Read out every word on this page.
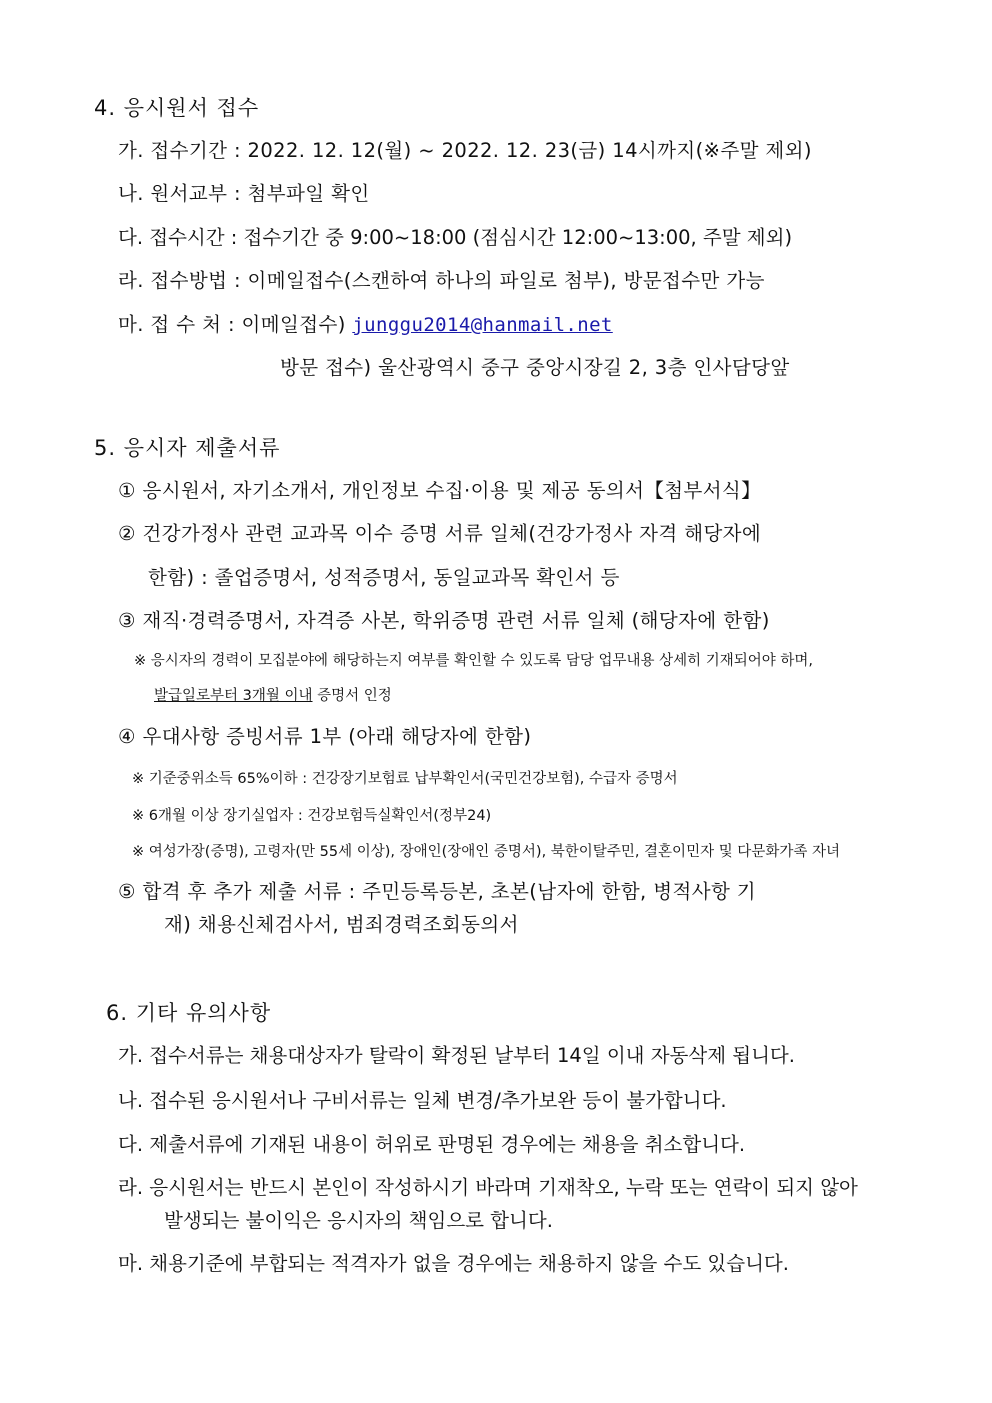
4. 응시원서 접수
가. 접수기간 : 2022. 12. 12(월) ~ 2022. 12. 23(금) 14시까지(※주말 제외)
나. 원서교부 : 첨부파일 확인
다. 접수시간 : 접수기간 중 9:00~18:00 (점심시간 12:00~13:00, 주말 제외)
라. 접수방법 : 이메일접수(스캔하여 하나의 파일로 첨부), 방문접수만 가능
마. 접 수 처 : 이메일접수) junggu2014@hanmail.net
방문 접수) 울산광역시 중구 중앙시장길 2, 3층 인사담당앞
5. 응시자 제출서류
① 응시원서, 자기소개서, 개인정보 수집·이용 및 제공 동의서【첨부서식】
② 건강가정사 관련 교과목 이수 증명 서류 일체(건강가정사 자격 해당자에
한함) : 졸업증명서, 성적증명서, 동일교과목 확인서 등
③ 재직·경력증명서, 자격증 사본, 학위증명 관련 서류 일체 (해당자에 한함)
※ 응시자의 경력이 모집분야에 해당하는지 여부를 확인할 수 있도록 담당 업무내용 상세히 기재되어야 하며,
발급일로부터 3개월 이내 증명서 인정
④ 우대사항 증빙서류 1부 (아래 해당자에 한함)
※ 기준중위소득 65%이하 : 건강장기보험료 납부확인서(국민건강보험), 수급자 증명서
※ 6개월 이상 장기실업자 : 건강보험득실확인서(정부24)
※ 여성가장(증명), 고령자(만 55세 이상), 장애인(장애인 증명서), 북한이탈주민, 결혼이민자 및 다문화가족 자녀
⑤ 합격 후 추가 제출 서류 : 주민등록등본, 초본(남자에 한함, 병적사항 기
재) 채용신체검사서, 범죄경력조회동의서
6. 기타 유의사항
가. 접수서류는 채용대상자가 탈락이 확정된 날부터 14일 이내 자동삭제 됩니다.
나. 접수된 응시원서나 구비서류는 일체 변경/추가보완 등이 불가합니다.
다. 제출서류에 기재된 내용이 허위로 판명된 경우에는 채용을 취소합니다.
라. 응시원서는 반드시 본인이 작성하시기 바라며 기재착오, 누락 또는 연락이 되지 않아
발생되는 불이익은 응시자의 책임으로 합니다.
마. 채용기준에 부합되는 적격자가 없을 경우에는 채용하지 않을 수도 있습니다.
